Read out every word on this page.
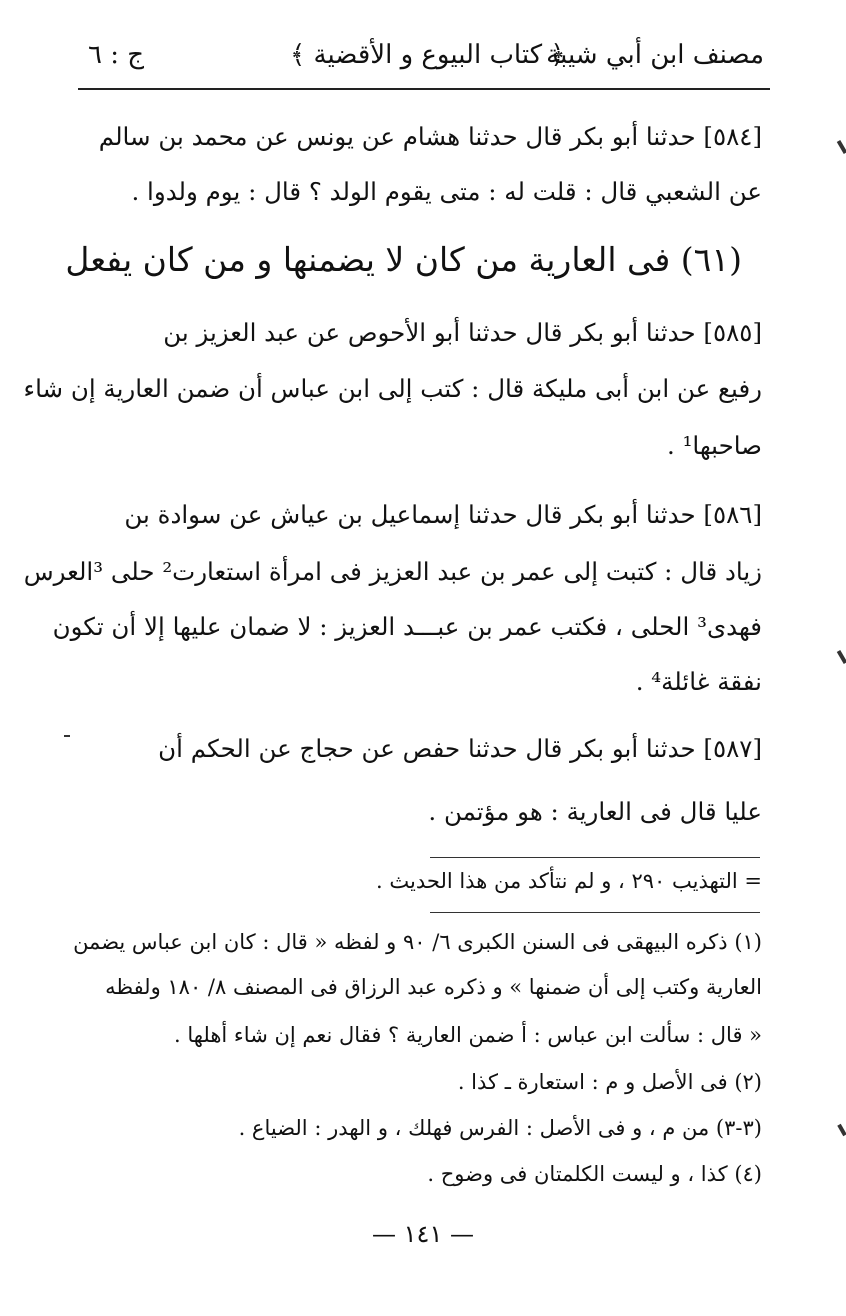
ج : ٦	﴿ كتاب البيوع و الأقضية ﴾
مصنف ابن أبي شيبة
[٥٨٤] حدثنا أبو بكر قال حدثنا هشام عن يونس عن محمد بن سالم
عن الشعبي قال : قلت له : متى يقوم الولد ؟ قال : يوم ولدوا .
(٦١) فى العارية من كان لا يضمنها و من كان يفعل
[٥٨٥] حدثنا أبو بكر قال حدثنا أبو الأحوص عن عبد العزيز بن
رفيع عن ابن أبى مليكة قال : كتب إلى ابن عباس أن ضمن العارية إن شاء
صاحبها¹ .
[٥٨٦] حدثنا أبو بكر قال حدثنا إسماعيل بن عياش عن سوادة بن
زياد قال : كتبت إلى عمر بن عبد العزيز فى امرأة استعارت² حلى ³العرس
فهدى³ الحلى ، فكتب عمر بن عبـــد العزيز : لا ضمان عليها إلا أن تكون
نفقة غائلة⁴ .
[٥٨٧] حدثنا أبو بكر قال حدثنا حفص عن حجاج عن الحكم أن
عليا قال فى العارية : هو مؤتمن .
= التهذيب ٢٩٠ ، و لم نتأكد من هذا الحديث .
(١) ذكره البيهقى فى السنن الكبرى ٦/ ٩٠ و لفظه « قال : كان ابن عباس يضمن
العارية وكتب إلى أن ضمنها » و ذكره عبد الرزاق فى المصنف ٨/ ١٨٠ ولفظه
« قال : سألت ابن عباس : أ ضمن العارية ؟ فقال نعم إن شاء أهلها .
(٢) فى الأصل و م : استعارة ـ كذا .
(٣-٣) من م ، و فى الأصل : الفرس فهلك ، و الهدر : الضياع .
(٤) كذا ، و ليست الكلمتان فى وضوح .
— ١٤١ —
